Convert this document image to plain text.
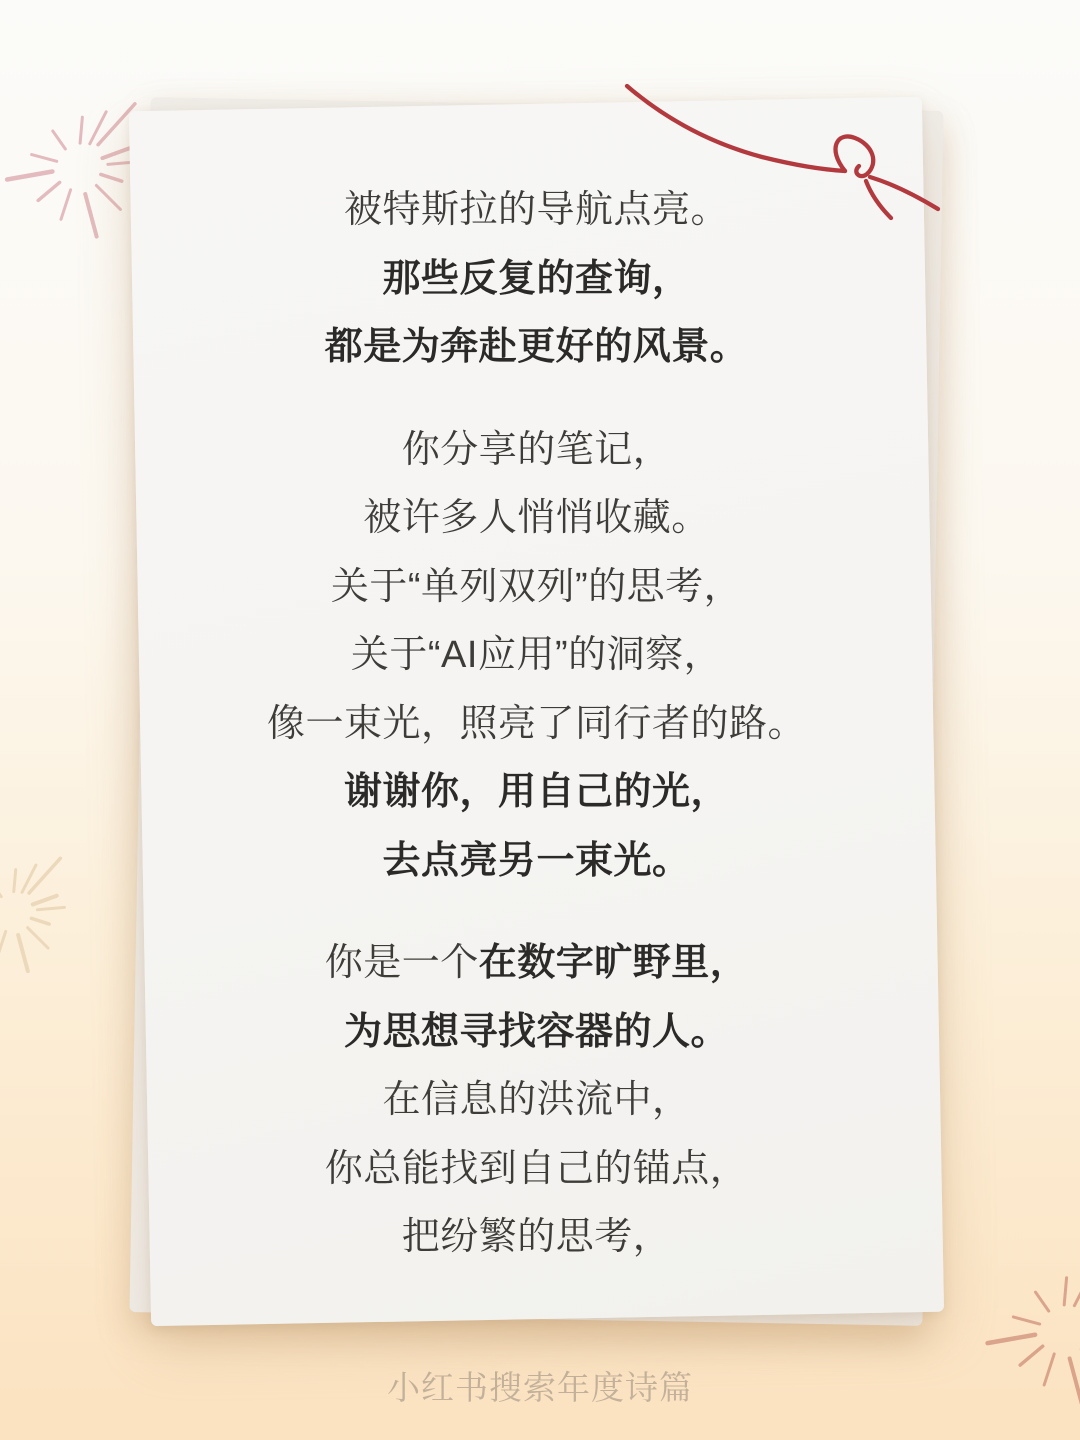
小红书搜索年度诗篇
被特斯拉的导航点亮。
那些反复的查询，
都是为奔赴更好的风景。
你分享的笔记，
被许多人悄悄收藏。
关于“单列双列”的思考，
关于“AI应用”的洞察，
像一束光，照亮了同行者的路。
谢谢你，用自己的光，
去点亮另一束光。
你是一个在数字旷野里，
为思想寻找容器的人。
在信息的洪流中，
你总能找到自己的锚点，
把纷繁的思考，
